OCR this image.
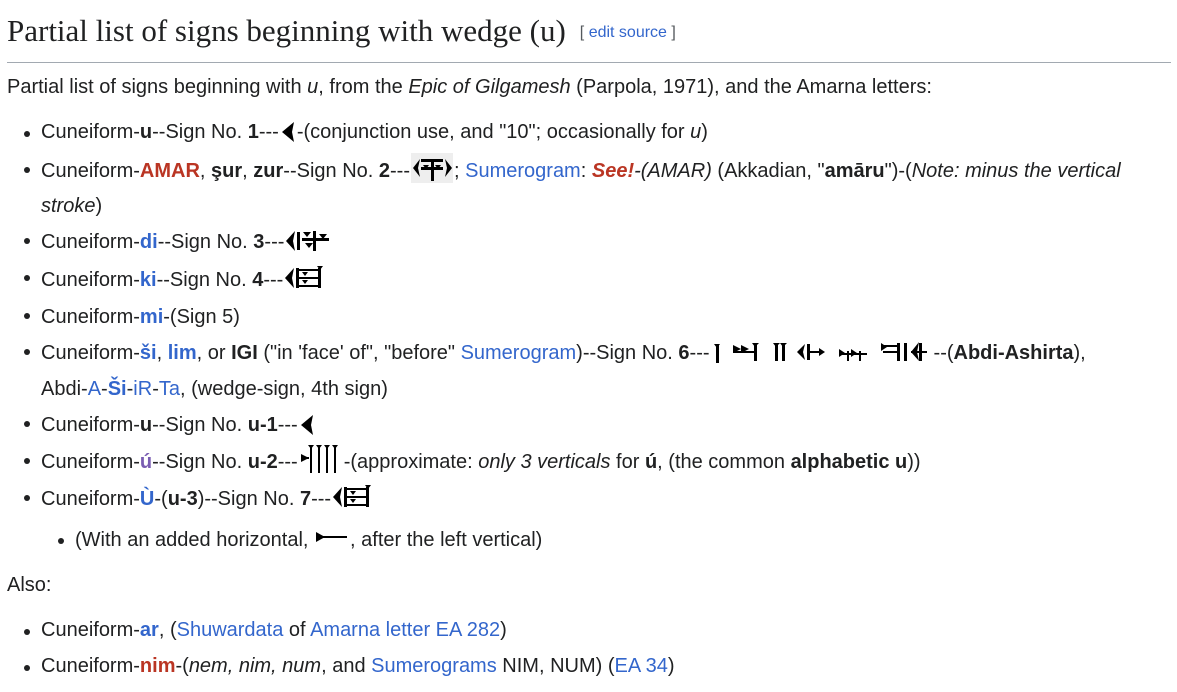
Partial list of signs beginning with wedge (u) [ edit source ]

Partial list of signs beginning with u, from the Epic of Gilgamesh (Parpola, 1971), and the Amarna letters:

Cuneiform-u--Sign No. 1--- -(conjunction use, and "10"; occasionally for u)
Cuneiform-AMAR, şur, zur--Sign No. 2--- ; Sumerogram: See!-(AMAR) (Akkadian, "amāru")-(Note: minus the vertical
stroke)
Cuneiform-di--Sign No. 3---
Cuneiform-ki--Sign No. 4---
Cuneiform-mi-(Sign 5)
Cuneiform-ši, lim, or IGI ("in 'face' of", "before" Sumerogram)--Sign No. 6---	--(Abdi-Ashirta),
Abdi-A-Ši-iR-Ta, (wedge-sign, 4th sign)
Cuneiform-u--Sign No. u-1---
Cuneiform-ú--Sign No. u-2--- -(approximate: only 3 verticals for ú, (the common alphabetic u))
Cuneiform-Ù-(u-3)--Sign No. 7---
(With an added horizontal, , after the left vertical)

Also:

Cuneiform-ar, (Shuwardata of Amarna letter EA 282)
Cuneiform-nim-(nem, nim, num, and Sumerograms NIM, NUM) (EA 34)
